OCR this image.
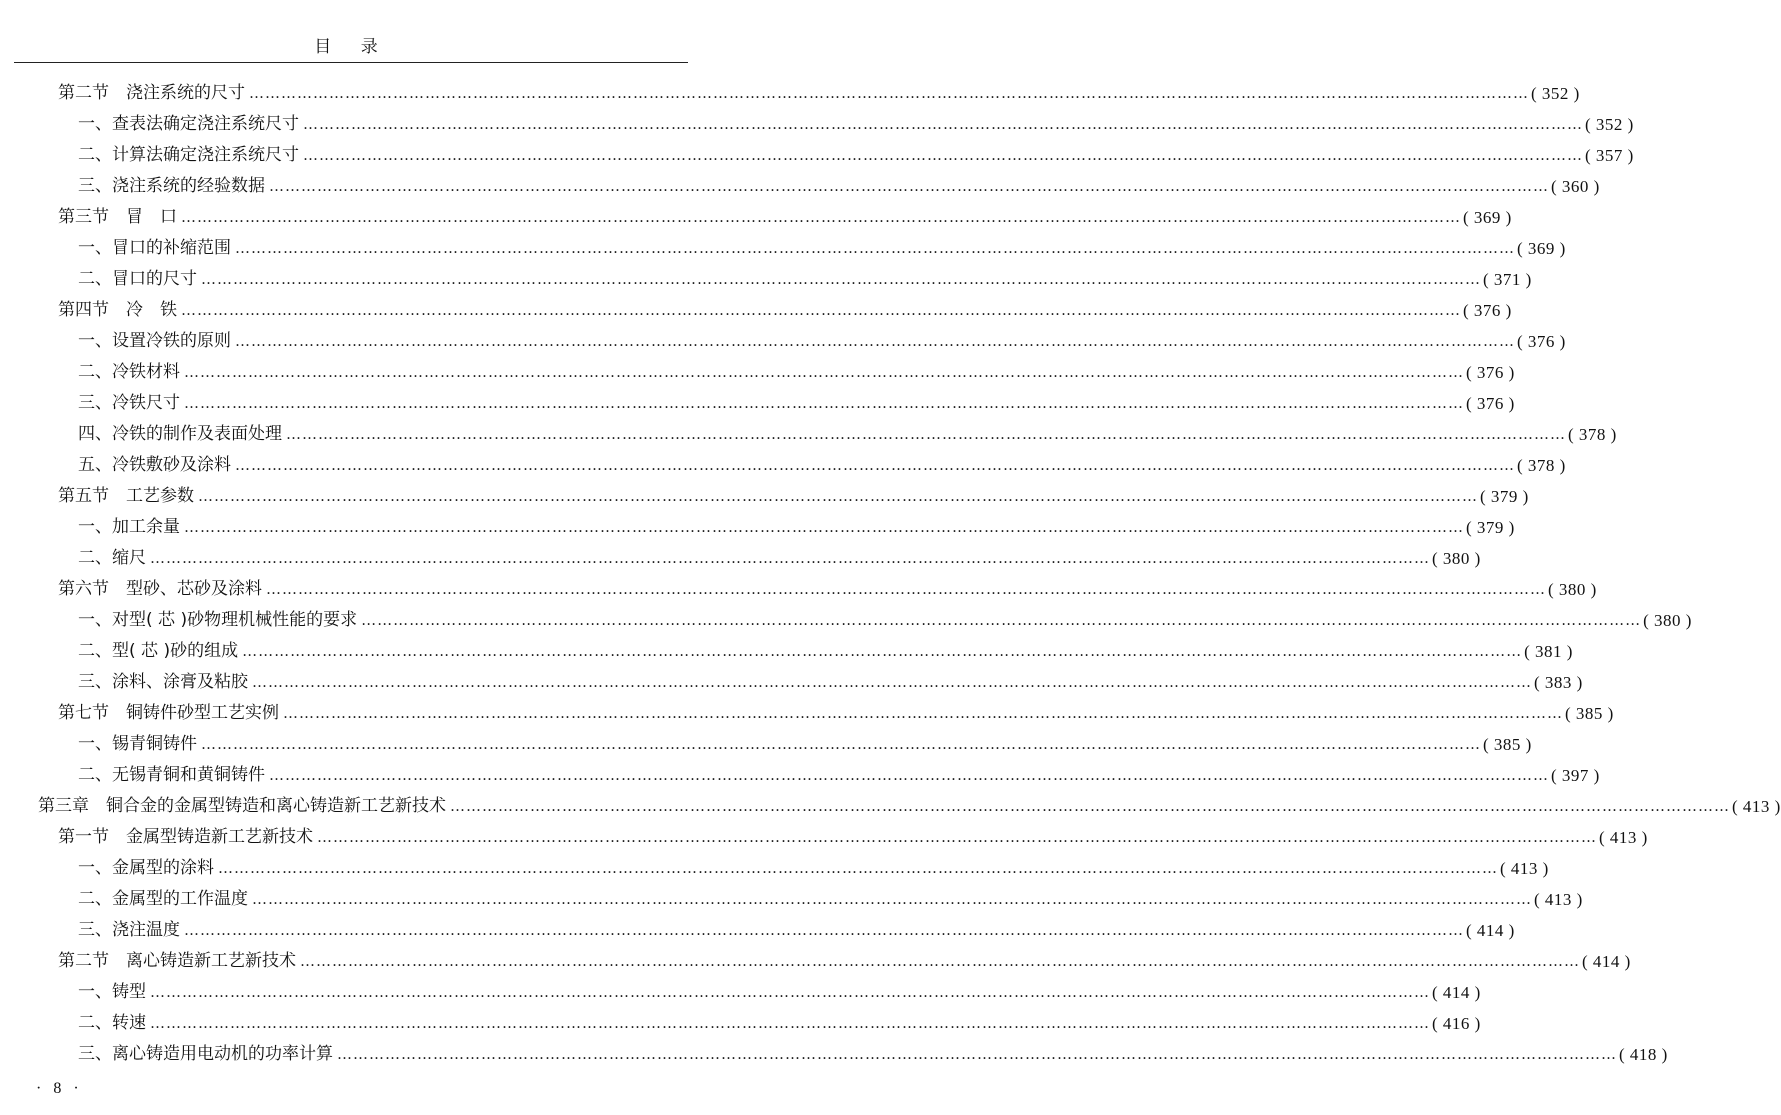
目 录
第二节　浇注系统的尺寸 …………………………………………………………………………………………………………………………………………………………………………………………………………………… ( 352 )
一、查表法确定浇注系统尺寸 …………………………………………………………………………………………………………………………………………………………………………………………………………………… ( 352 )
二、计算法确定浇注系统尺寸 …………………………………………………………………………………………………………………………………………………………………………………………………………………… ( 357 )
三、浇注系统的经验数据 …………………………………………………………………………………………………………………………………………………………………………………………………………………… ( 360 )
第三节　冒　口 …………………………………………………………………………………………………………………………………………………………………………………………………………………… ( 369 )
一、冒口的补缩范围 …………………………………………………………………………………………………………………………………………………………………………………………………………………… ( 369 )
二、冒口的尺寸 …………………………………………………………………………………………………………………………………………………………………………………………………………………… ( 371 )
第四节　冷　铁 …………………………………………………………………………………………………………………………………………………………………………………………………………………… ( 376 )
一、设置冷铁的原则 …………………………………………………………………………………………………………………………………………………………………………………………………………………… ( 376 )
二、冷铁材料 …………………………………………………………………………………………………………………………………………………………………………………………………………………… ( 376 )
三、冷铁尺寸 …………………………………………………………………………………………………………………………………………………………………………………………………………………… ( 376 )
四、冷铁的制作及表面处理 …………………………………………………………………………………………………………………………………………………………………………………………………………………… ( 378 )
五、冷铁敷砂及涂料 …………………………………………………………………………………………………………………………………………………………………………………………………………………… ( 378 )
第五节　工艺参数 …………………………………………………………………………………………………………………………………………………………………………………………………………………… ( 379 )
一、加工余量 …………………………………………………………………………………………………………………………………………………………………………………………………………………… ( 379 )
二、缩尺 …………………………………………………………………………………………………………………………………………………………………………………………………………………… ( 380 )
第六节　型砂、芯砂及涂料 …………………………………………………………………………………………………………………………………………………………………………………………………………………… ( 380 )
一、对型( 芯 )砂物理机械性能的要求 …………………………………………………………………………………………………………………………………………………………………………………………………………………… ( 380 )
二、型( 芯 )砂的组成 …………………………………………………………………………………………………………………………………………………………………………………………………………………… ( 381 )
三、涂料、涂膏及粘胶 …………………………………………………………………………………………………………………………………………………………………………………………………………………… ( 383 )
第七节　铜铸件砂型工艺实例 …………………………………………………………………………………………………………………………………………………………………………………………………………………… ( 385 )
一、锡青铜铸件 …………………………………………………………………………………………………………………………………………………………………………………………………………………… ( 385 )
二、无锡青铜和黄铜铸件 …………………………………………………………………………………………………………………………………………………………………………………………………………………… ( 397 )
第三章　铜合金的金属型铸造和离心铸造新工艺新技术 …………………………………………………………………………………………………………………………………………………………………………………………………………………… ( 413 )
第一节　金属型铸造新工艺新技术 …………………………………………………………………………………………………………………………………………………………………………………………………………………… ( 413 )
一、金属型的涂料 …………………………………………………………………………………………………………………………………………………………………………………………………………………… ( 413 )
二、金属型的工作温度 …………………………………………………………………………………………………………………………………………………………………………………………………………………… ( 413 )
三、浇注温度 …………………………………………………………………………………………………………………………………………………………………………………………………………………… ( 414 )
第二节　离心铸造新工艺新技术 …………………………………………………………………………………………………………………………………………………………………………………………………………………… ( 414 )
一、铸型 …………………………………………………………………………………………………………………………………………………………………………………………………………………… ( 414 )
二、转速 …………………………………………………………………………………………………………………………………………………………………………………………………………………… ( 416 )
三、离心铸造用电动机的功率计算 …………………………………………………………………………………………………………………………………………………………………………………………………………………… ( 418 )
· 8 ·
